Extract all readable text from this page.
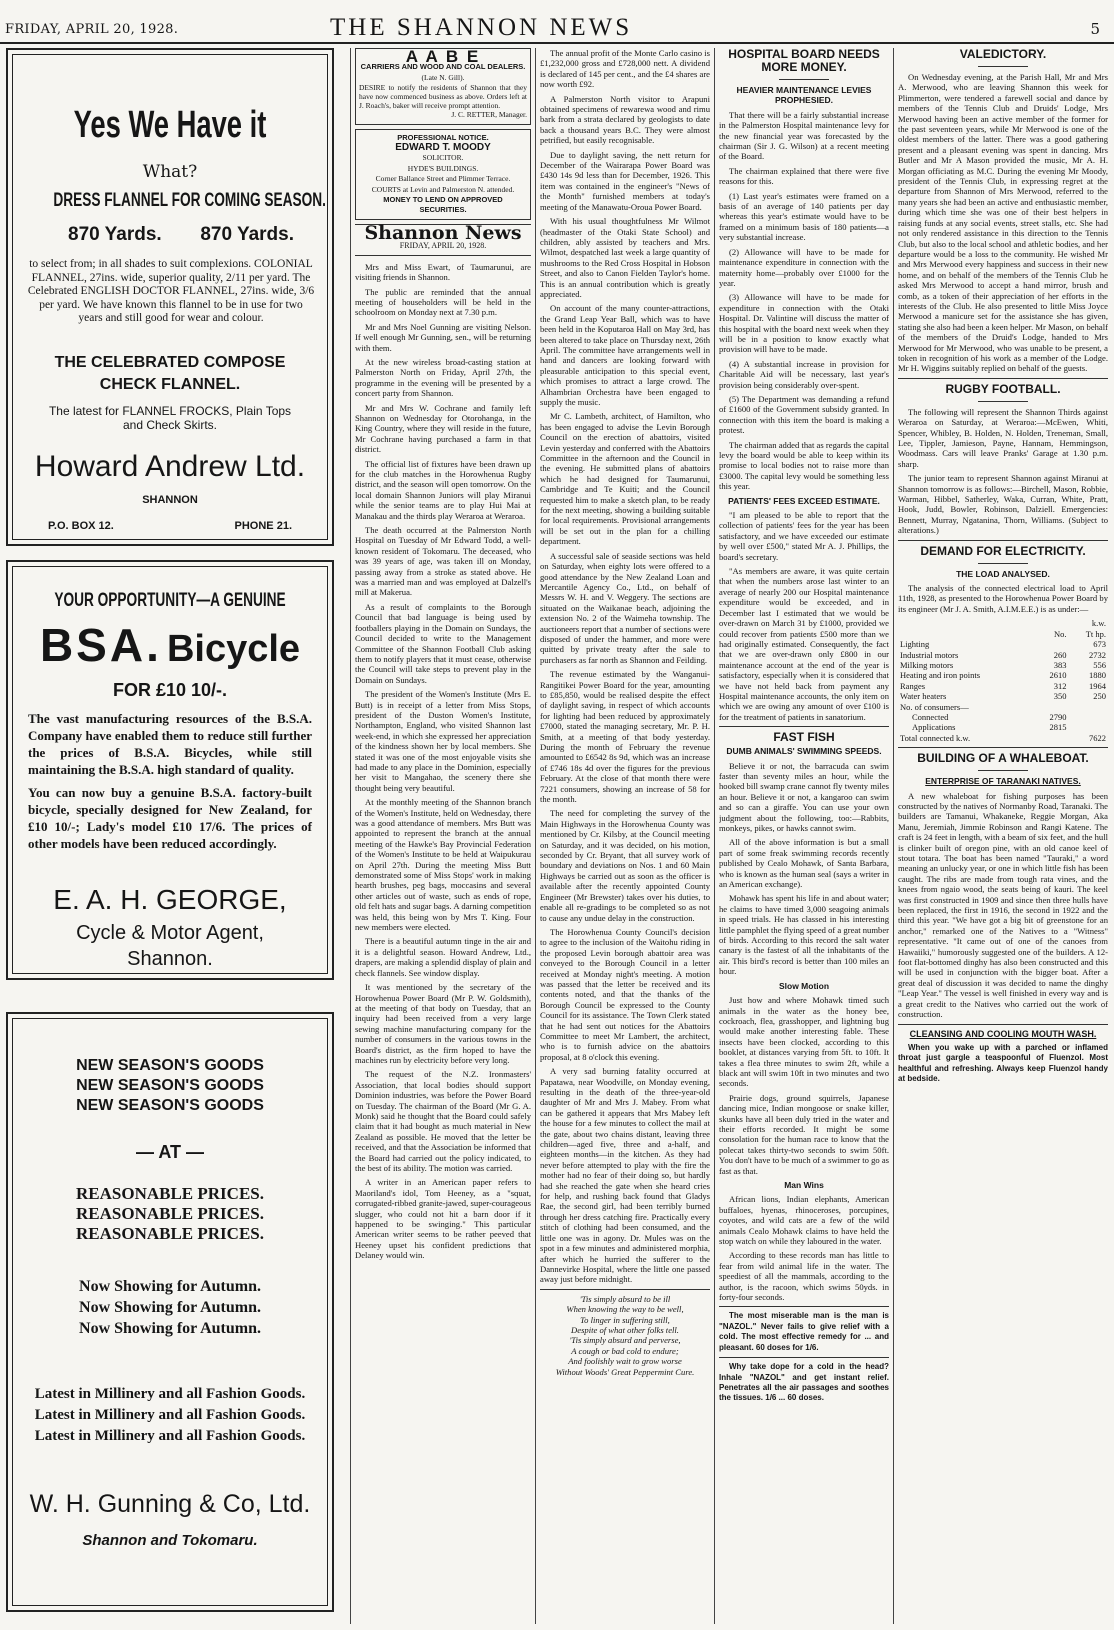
FRIDAY, APRIL 20, 1928.	THE SHANNON NEWS	5
Yes We Have it
What?
DRESS FLANNEL FOR COMING SEASON.
870 Yards. 870 Yards.
to select from; in all shades to suit complexions. COLONIAL FLANNEL, 27ins. wide, superior quality, 2/11 per yard. The Celebrated ENGLISH DOCTOR FLANNEL, 27ins. wide, 3/6 per yard. We have known this flannel to be in use for two years and still good for wear and colour.
THE CELEBRATED COMPOSE CHECK FLANNEL.
The latest for FLANNEL FROCKS, Plain Tops and Check Skirts.
Howard Andrew Ltd.
SHANNON
P.O. BOX 12.	PHONE 21.
YOUR OPPORTUNITY—A GENUINE
BSA. Bicycle
FOR £10 10/-.
The vast manufacturing resources of the B.S.A. Company have enabled them to reduce still further the prices of B.S.A. Bicycles, while still maintaining the B.S.A. high standard of quality.
You can now buy a genuine B.S.A. factory-built bicycle, specially designed for New Zealand, for £10 10/-; Lady's model £10 17/6. The prices of other models have been reduced accordingly.
E. A. H. GEORGE,
Cycle & Motor Agent,
Shannon.
NEW SEASON'S GOODS
NEW SEASON'S GOODS
NEW SEASON'S GOODS
— AT —
REASONABLE PRICES.
REASONABLE PRICES.
REASONABLE PRICES.
Now Showing for Autumn.
Now Showing for Autumn.
Now Showing for Autumn.
Latest in Millinery and all Fashion Goods.
Latest in Millinery and all Fashion Goods.
Latest in Millinery and all Fashion Goods.
W. H. Gunning & Co, Ltd.
Shannon and Tokomaru.
A A B E
CARRIERS AND WOOD AND COAL DEALERS.
(Late N. Gill).
DESIRE to notify the residents of Shannon that they have now commenced business as above. Orders left at J. Roach's, baker will receive prompt attention.
J. C. RETTER, Manager.
PROFESSIONAL NOTICE.
EDWARD T. MOODY
SOLICITOR.
HYDE'S BUILDINGS.
Corner Ballance Street and Plimmer Terrace.
COURTS at Levin and Palmerston N. attended.
MONEY TO LEND ON APPROVED SECURITIES.
Shannon News
FRIDAY, APRIL 20, 1928.

Mrs and Miss Ewart, of Taumarunui, are visiting friends in Shannon.

The public are reminded that the annual meeting of householders will be held in the schoolroom on Monday next at 7.30 p.m.

Mr and Mrs Noel Gunning are visiting Nelson. If well enough Mr Gunning, sen., will be returning with them.

At the new wireless broad-casting station at Palmerston North on Friday, April 27th, the programme in the evening will be presented by a concert party from Shannon.

Mr and Mrs W. Cochrane and family left Shannon on Wednesday for Otorohanga, in the King Country, where they will reside in the future, Mr Cochrane having purchased a farm in that district.

The official list of fixtures have been drawn up for the club matches in the Horowhenua Rugby district, and the season will open tomorrow. On the local domain Shannon Juniors will play Miranui while the senior teams are to play Hui Mai at Manakau and the thirds play Weraroa at Weraroa.

The death occurred at the Palmerston North Hospital on Tuesday of Mr Edward Todd, a well-known resident of Tokomaru. The deceased, who was 39 years of age, was taken ill on Monday, passing away from a stroke as stated above. He was a married man and was employed at Dalzell's mill at Makerua.

As a result of complaints to the Borough Council that bad language is being used by footballers playing in the Domain on Sundays, the Council decided to write to the Management Committee of the Shannon Football Club asking them to notify players that it must cease, otherwise the Council will take steps to prevent play in the Domain on Sundays.

The president of the Women's Institute (Mrs E. Butt) is in receipt of a letter from Miss Stops, president of the Duston Women's Institute, Northampton, England, who visited Shannon last week-end, in which she expressed her appreciation of the kindness shown her by local members. She stated it was one of the most enjoyable visits she had made to any place in the Dominion, especially her visit to Mangahao, the scenery there she thought being very beautiful.

At the monthly meeting of the Shannon branch of the Women's Institute, held on Wednesday, there was a good attendance of members. Mrs Butt was appointed to represent the branch at the annual meeting of the Hawke's Bay Provincial Federation of the Women's Institute to be held at Waipukurau on April 27th. During the meeting Miss Butt demonstrated some of Miss Stops' work in making hearth brushes, peg bags, moccasins and several other articles out of waste, such as ends of rope, old felt hats and sugar bags. A darning competition was held, this being won by Mrs T. King. Four new members were elected.

There is a beautiful autumn tinge in the air and it is a delightful season. Howard Andrew, Ltd., drapers, are making a splendid display of plain and check flannels. See window display.

It was mentioned by the secretary of the Horowhenua Power Board (Mr P. W. Goldsmith), at the meeting of that body on Tuesday, that an inquiry had been received from a very large sewing machine manufacturing company for the number of consumers in the various towns in the Board's district, as the firm hoped to have the machines run by electricity before very long.

The request of the N.Z. Ironmasters' Association, that local bodies should support Dominion industries, was before the Power Board on Tuesday. The chairman of the Board (Mr G. A. Monk) said he thought that the Board could safely claim that it had bought as much material in New Zealand as possible. He moved that the letter be received, and that the Association be informed that the Board had carried out the policy indicated, to the best of its ability. The motion was carried.

A writer in an American paper refers to Maoriland's idol, Tom Heeney, as a "squat, corrugated-ribbed granite-jawed, super-courageous slugger, who could not hit a barn door if it happened to be swinging." This particular American writer seems to be rather peeved that Heeney upset his confident predictions that Delaney would win.

The annual profit of the Monte Carlo casino is £1,232,000 gross and £728,000 nett. A dividend is declared of 145 per cent., and the £4 shares are now worth £92.

A Palmerston North visitor to Arapuni obtained specimens of rewarewa wood and rimu bark from a strata declared by geologists to date back a thousand years B.C. They were almost petrified, but easily recognisable.

Due to daylight saving, the nett return for December of the Wairarapa Power Board was £430 14s 9d less than for December, 1926. This item was contained in the engineer's "News of the Month" furnished members at today's meeting of the Manawatu-Oroua Power Board.

With his usual thoughtfulness Mr Wilmot (headmaster of the Otaki State School) and children, ably assisted by teachers and Mrs. Wilmot, despatched last week a large quantity of mushrooms to the Red Cross Hospital in Hobson Street, and also to Canon Fielden Taylor's home. This is an annual contribution which is greatly appreciated.

On account of the many counter-attractions, the Grand Leap Year Ball, which was to have been held in the Koputaroa Hall on May 3rd, has been altered to take place on Thursday next, 26th April. The committee have arrangements well in hand and dancers are looking forward with pleasurable anticipation to this special event, which promises to attract a large crowd. The Alhambrian Orchestra have been engaged to supply the music.

Mr C. Lambeth, architect, of Hamilton, who has been engaged to advise the Levin Borough Council on the erection of abattoirs, visited Levin yesterday and conferred with the Abattoirs Committee in the afternoon and the Council in the evening. He submitted plans of abattoirs which he had designed for Taumarunui, Cambridge and Te Kuiti; and the Council requested him to make a sketch plan, to be ready for the next meeting, showing a building suitable for local requirements. Provisional arrangements will be set out in the plan for a chilling department.

A successful sale of seaside sections was held on Saturday, when eighty lots were offered to a good attendance by the New Zealand Loan and Mercantile Agency Co., Ltd., on behalf of Messrs W. H. and V. Weggery. The sections are situated on the Waikanae beach, adjoining the extension No. 2 of the Waimeha township. The auctioneers report that a number of sections were disposed of under the hammer, and more were quitted by private treaty after the sale to purchasers as far north as Shannon and Feilding.

The revenue estimated by the Wanganui-Rangitikei Power Board for the year, amounting to £85,850, would be realised despite the effect of daylight saving, in respect of which accounts for lighting had been reduced by approximately £7000, stated the managing secretary, Mr. P. H. Smith, at a meeting of that body yesterday. During the month of February the revenue amounted to £6542 8s 9d, which was an increase of £746 18s 4d over the figures for the previous February. At the close of that month there were 7221 consumers, showing an increase of 58 for the month.

The need for completing the survey of the Main Highways in the Horowhenua County was mentioned by Cr. Kilsby, at the Council meeting on Saturday, and it was decided, on his motion, seconded by Cr. Bryant, that all survey work of boundary and deviations on Nos. 1 and 60 Main Highways be carried out as soon as the officer is available after the recently appointed County Engineer (Mr Brewster) takes over his duties, to enable all re-gradings to be completed so as not to cause any undue delay in the construction.

The Horowhenua County Council's decision to agree to the inclusion of the Waitohu riding in the proposed Levin borough abattoir area was conveyed to the Borough Council in a letter received at Monday night's meeting. A motion was passed that the letter be received and its contents noted, and that the thanks of the Borough Council be expressed to the County Council for its assistance. The Town Clerk stated that he had sent out notices for the Abattoirs Committee to meet Mr Lambert, the architect, who is to furnish advice on the abattoirs proposal, at 8 o'clock this evening.

A very sad burning fatality occurred at Papatawa, near Woodville, on Monday evening, resulting in the death of the three-year-old daughter of Mr and Mrs J. Mabey. From what can be gathered it appears that Mrs Mabey left the house for a few minutes to collect the mail at the gate, about two chains distant, leaving three children—aged five, three and a-half, and eighteen months—in the kitchen. As they had never before attempted to play with the fire the mother had no fear of their doing so, but hardly had she reached the gate when she heard cries for help, and rushing back found that Gladys Rae, the second girl, had been terribly burned through her dress catching fire. Practically every stitch of clothing had been consumed, and the little one was in agony. Dr. Mules was on the spot in a few minutes and administered morphia, after which he hurried the sufferer to the Dannevirke Hospital, where the little one passed away just before midnight.

'Tis simply absurd to be ill
When knowing the way to be well,
To linger in suffering still,
Despite of what other folks tell.
'Tis simply absurd and perverse,
A cough or bad cold to endure;
And foolishly wait to grow worse
Without Woods' Great Peppermint Cure.
HOSPITAL BOARD NEEDS MORE MONEY.
HEAVIER MAINTENANCE LEVIES PROPHESIED.

That there will be a fairly substantial increase in the Palmerston Hospital maintenance levy for the new financial year was forecasted by the chairman (Sir J. G. Wilson) at a recent meeting of the Board.

The chairman explained that there were five reasons for this.

(1) Last year's estimates were framed on a basis of an average of 140 patients per day whereas this year's estimate would have to be framed on a minimum basis of 180 patients—a very substantial increase.

(2) Allowance will have to be made for maintenance expenditure in connection with the maternity home—probably over £1000 for the year.

(3) Allowance will have to be made for expenditure in connection with the Otaki Hospital. Dr. Valintine will discuss the matter of this hospital with the board next week when they will be in a position to know exactly what provision will have to be made.

(4) A substantial increase in provision for Charitable Aid will be necessary, last year's provision being considerably over-spent.

(5) The Department was demanding a refund of £1600 of the Government subsidy granted. In connection with this item the board is making a protest.

The chairman added that as regards the capital levy the board would be able to keep within its promise to local bodies not to raise more than £3000. The capital levy would be something less this year.

PATIENTS' FEES EXCEED ESTIMATE.

"I am pleased to be able to report that the collection of patients' fees for the year has been satisfactory, and we have exceeded our estimate by well over £500," stated Mr A. J. Phillips, the board's secretary.

"As members are aware, it was quite certain that when the numbers arose last winter to an average of nearly 200 our Hospital maintenance expenditure would be exceeded, and in December last I estimated that we would be over-drawn on March 31 by £1000, provided we could recover from patients £500 more than we had originally estimated. Consequently, the fact that we are over-drawn only £800 in our maintenance account at the end of the year is satisfactory, especially when it is considered that we have not held back from payment any Hospital maintenance accounts, the only item on which we are owing any amount of over £100 is for the treatment of patients in sanatorium.

FAST FISH
DUMB ANIMALS' SWIMMING SPEEDS.

Believe it or not, the barracuda can swim faster than seventy miles an hour, while the hooked bill swamp crane cannot fly twenty miles an hour. Believe it or not, a kangaroo can swim and so can a giraffe. You can use your own judgment about the following, too:—Rabbits, monkeys, pikes, or hawks cannot swim.

All of the above information is but a small part of some freak swimming records recently published by Cealo Mohawk, of Santa Barbara, who is known as the human seal (says a writer in an American exchange).

Mohawk has spent his life in and about water; he claims to have timed 3,000 seagoing animals in speed trials. He has classed in his interesting little pamphlet the flying speed of a great number of birds. According to this record the salt water canary is the fastest of all the inhabitants of the air. This bird's record is better than 100 miles an hour.

Slow Motion

Just how and where Mohawk timed such animals in the water as the honey bee, cockroach, flea, grasshopper, and lightning bug would make another interesting fable. These insects have been clocked, according to this booklet, at distances varying from 5ft. to 10ft. It takes a flea three minutes to swim 2ft, while a black ant will swim 10ft in two minutes and two seconds.

Prairie dogs, ground squirrels, Japanese dancing mice, Indian mongoose or snake killer, skunks have all been duly tried in the water and their efforts recorded. It might be some consolation for the human race to know that the polecat takes thirty-two seconds to swim 50ft. You don't have to be much of a swimmer to go as fast as that.

Man Wins

African lions, Indian elephants, American buffaloes, hyenas, rhinoceroses, porcupines, coyotes, and wild cats are a few of the wild animals Cealo Mohawk claims to have held the stop watch on while they laboured in the water.

According to these records man has little to fear from wild animal life in the water. The speediest of all the mammals, according to the author, is the racoon, which swims 50yds. in forty-four seconds.

The most miserable man is the man is "NAZOL." Never fails to give relief with a cold. The most effective remedy for ... and pleasant. 60 doses for 1/6.

Why take dope for a cold in the head? Inhale "NAZOL" and get instant relief. Penetrates all the air passages and soothes the tissues. 1/6 ... 60 doses.

VALEDICTORY.

On Wednesday evening, at the Parish Hall, Mr and Mrs A. Merwood, who are leaving Shannon this week for Plimmerton, were tendered a farewell social and dance by members of the Tennis Club and Druids' Lodge, Mrs Merwood having been an active member of the former for the past seventeen years, while Mr Merwood is one of the oldest members of the latter. There was a good gathering present and a pleasant evening was spent in dancing. Mrs Butler and Mr A Mason provided the music, Mr A. H. Morgan officiating as M.C. During the evening Mr Moody, president of the Tennis Club, in expressing regret at the departure from Shannon of Mrs Merwood, referred to the many years she had been an active and enthusiastic member, during which time she was one of their best helpers in raising funds at any social events, street stalls, etc. She had not only rendered assistance in this direction to the Tennis Club, but also to the local school and athletic bodies, and her departure would be a loss to the community. He wished Mr and Mrs Merwood every happiness and success in their new home, and on behalf of the members of the Tennis Club he asked Mrs Merwood to accept a hand mirror, brush and comb, as a token of their appreciation of her efforts in the interests of the Club. He also presented to little Miss Joyce Merwood a manicure set for the assistance she has given, stating she also had been a keen helper. Mr Mason, on behalf of the members of the Druid's Lodge, handed to Mrs Merwood for Mr Merwood, who was unable to be present, a token in recognition of his work as a member of the Lodge. Mr H. Wiggins suitably replied on behalf of the guests.

RUGBY FOOTBALL.

The following will represent the Shannon Thirds against Weraroa on Saturday, at Weraroa:—McEwen, Whiti, Spencer, Whibley, B. Holden, N. Holden, Treneman, Small, Lee, Tippler, Jamieson, Payne, Hannam, Hemmingson, Woodmass. Cars will leave Pranks' Garage at 1.30 p.m. sharp.

The junior team to represent Shannon against Miranui at Shannon tomorrow is as follows:—Birchell, Mason, Robbie, Warman, Hibbel, Satherley, Waka, Curran, White, Pratt, Hook, Judd, Bowler, Robinson, Dalziell. Emergencies: Bennett, Murray, Ngatanina, Thorn, Williams. (Subject to alterations.)

DEMAND FOR ELECTRICITY.
THE LOAD ANALYSED.

The analysis of the connected electrical load to April 11th, 1928, as presented to the Horowhenua Power Board by its engineer (Mr J. A. Smith, A.I.M.E.E.) is as under:—

		k.w.
	No.	Tt hp.
Lighting		673
Industrial motors	260	2732
Milking motors	383	556
Heating and iron points	2610	1880
Ranges	312	1964
Water heaters	350	250
No. of consumers—		
Connected	2790	
Applications	2815	
Total connected k.w.		7622
BUILDING OF A WHALEBOAT.
ENTERPRISE OF TARANAKI NATIVES.

A new whaleboat for fishing purposes has been constructed by the natives of Normanby Road, Taranaki. The builders are Tamanui, Whakaneke, Reggie Morgan, Aka Manu, Jeremiah, Jimmie Robinson and Rangi Katene. The craft is 24 feet in length, with a beam of six feet, and the hull is clinker built of oregon pine, with an old canoe keel of stout totara. The boat has been named "Tauraki," a word meaning an unlucky year, or one in which little fish has been caught. The ribs are made from tough rata vines, and the knees from ngaio wood, the seats being of kauri. The keel was first constructed in 1909 and since then three hulls have been replaced, the first in 1916, the second in 1922 and the third this year. "We have got a big bit of greenstone for an anchor," remarked one of the Natives to a "Witness" representative. "It came out of one of the canoes from Hawaiiki," humorously suggested one of the builders. A 12-foot flat-bottomed dinghy has also been constructed and this will be used in conjunction with the bigger boat. After a great deal of discussion it was decided to name the dinghy "Leap Year." The vessel is well finished in every way and is a great credit to the Natives who carried out the work of construction.

CLEANSING AND COOLING MOUTH WASH.

When you wake up with a parched or inflamed throat just gargle a teaspoonful of Fluenzol. Most healthful and refreshing. Always keep Fluenzol handy at bedside.
